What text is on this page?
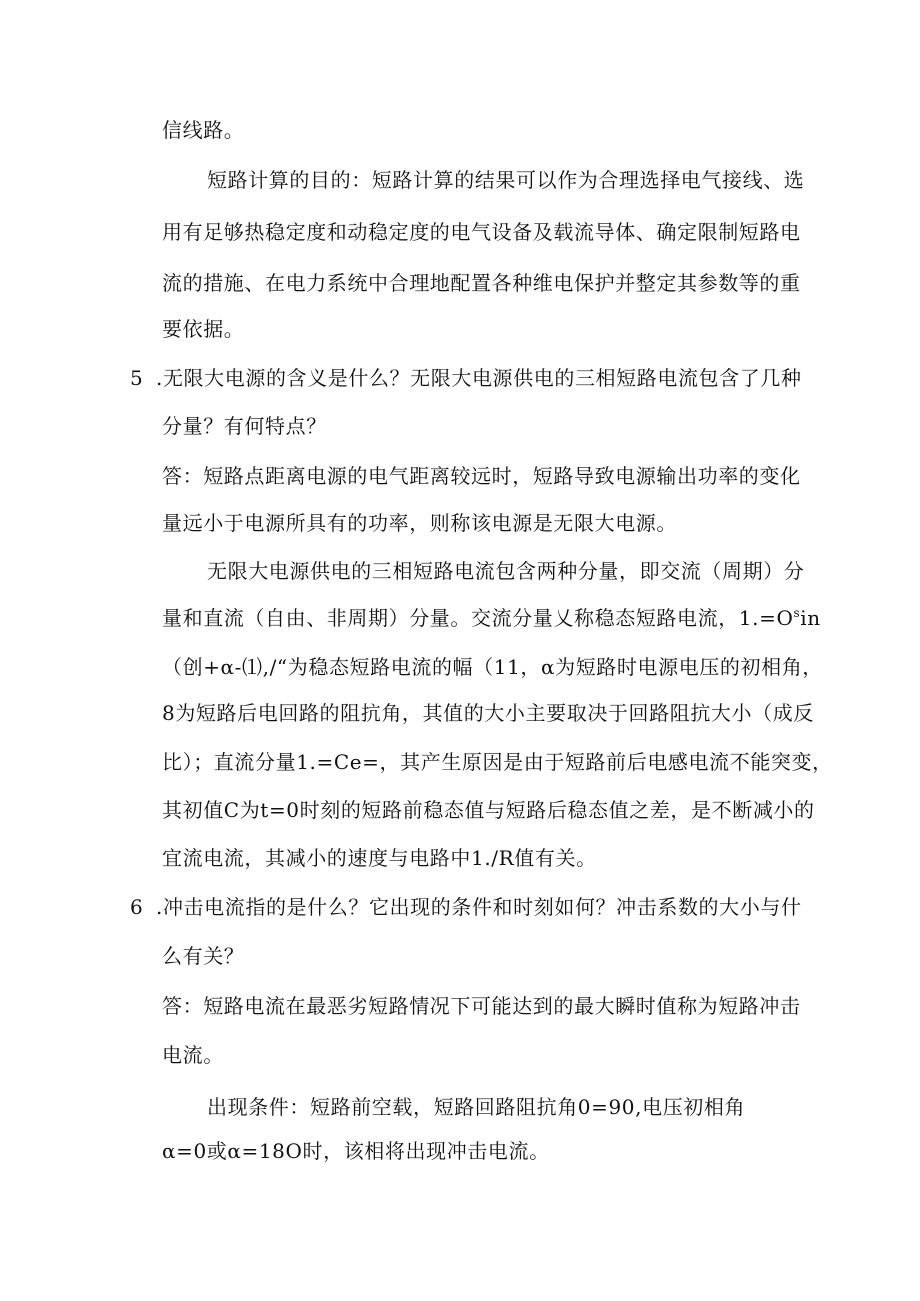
信线路。
短路计算的目的：短路计算的结果可以作为合理选择电气接线、选
用有足够热稳定度和动稳定度的电气设备及载流导体、确定限制短路电
流的措施、在电力系统中合理地配置各种维电保护并整定其参数等的重
要依据。
5 .无限大电源的含义是什么？无限大电源供电的三相短路电流包含了几种
分量？有何特点？
答：短路点距离电源的电气距离较远时，短路导致电源输出功率的变化
量远小于电源所具有的功率，则称该电源是无限大电源。
无限大电源供电的三相短路电流包含两种分量，即交流（周期）分
量和直流（自由、非周期）分量。交流分量乂称稳态短路电流，$1.=O^sin$
（创+α-⑴,/“为稳态短路电流的幅（11，α为短路时电源电压的初相角，
8为短路后电回路的阻抗角，其值的大小主要取决于回路阻抗大小（成反
比）；直流分量1.=Ce=，其产生原因是由于短路前后电感电流不能突变，
其初值C为t=0时刻的短路前稳态值与短路后稳态值之差，是不断减小的
宜流电流，其减小的速度与电路中1./R值有关。
6 .冲击电流指的是什么？它出现的条件和时刻如何？冲击系数的大小与什
么有关？
答：短路电流在最恶劣短路情况下可能达到的最大瞬时值称为短路冲击
电流。
出现条件：短路前空载，短路回路阻抗角0=90,电压初相角
α=0或α=18O时，该相将出现冲击电流。
